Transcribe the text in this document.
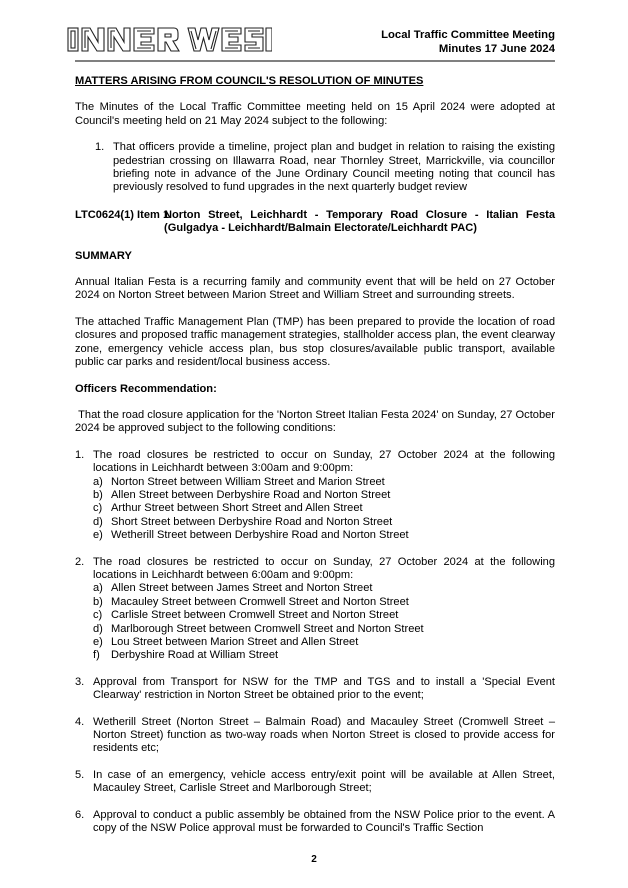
Local Traffic Committee Meeting
Minutes 17 June 2024

MATTERS ARISING FROM COUNCIL'S RESOLUTION OF MINUTES

The Minutes of the Local Traffic Committee meeting held on 15 April 2024 were adopted at Council's meeting held on 21 May 2024 subject to the following:

1. That officers provide a timeline, project plan and budget in relation to raising the existing pedestrian crossing on Illawarra Road, near Thornley Street, Marrickville, via councillor briefing note in advance of the June Ordinary Council meeting noting that council has previously resolved to fund upgrades in the next quarterly budget review

LTC0624(1) Item 1

Norton Street, Leichhardt - Temporary Road Closure - Italian Festa (Gulgadya - Leichhardt/Balmain Electorate/Leichhardt PAC)

SUMMARY

Annual Italian Festa is a recurring family and community event that will be held on 27 October 2024 on Norton Street between Marion Street and William Street and surrounding streets.

The attached Traffic Management Plan (TMP) has been prepared to provide the location of road closures and proposed traffic management strategies, stallholder access plan, the event clearway zone, emergency vehicle access plan, bus stop closures/available public transport, available public car parks and resident/local business access.

Officers Recommendation:

That the road closure application for the 'Norton Street Italian Festa 2024' on Sunday, 27 October 2024 be approved subject to the following conditions:

1. The road closures be restricted to occur on Sunday, 27 October 2024 at the following locations in Leichhardt between 3:00am and 9:00pm:

a) Norton Street between William Street and Marion Street
b) Allen Street between Derbyshire Road and Norton Street
c) Arthur Street between Short Street and Allen Street
d) Short Street between Derbyshire Road and Norton Street
e) Wetherill Street between Derbyshire Road and Norton Street
2. The road closures be restricted to occur on Sunday, 27 October 2024 at the following locations in Leichhardt between 6:00am and 9:00pm:

a) Allen Street between James Street and Norton Street
b) Macauley Street between Cromwell Street and Norton Street
c) Carlisle Street between Cromwell Street and Norton Street
d) Marlborough Street between Cromwell Street and Norton Street
e) Lou Street between Marion Street and Allen Street
f) Derbyshire Road at William Street
3. Approval from Transport for NSW for the TMP and TGS and to install a 'Special Event Clearway' restriction in Norton Street be obtained prior to the event;

4. Wetherill Street (Norton Street – Balmain Road) and Macauley Street (Cromwell Street – Norton Street) function as two-way roads when Norton Street is closed to provide access for residents etc;

5. In case of an emergency, vehicle access entry/exit point will be available at Allen Street, Macauley Street, Carlisle Street and Marlborough Street;

6. Approval to conduct a public assembly be obtained from the NSW Police prior to the event. A copy of the NSW Police approval must be forwarded to Council's Traffic Section

2
